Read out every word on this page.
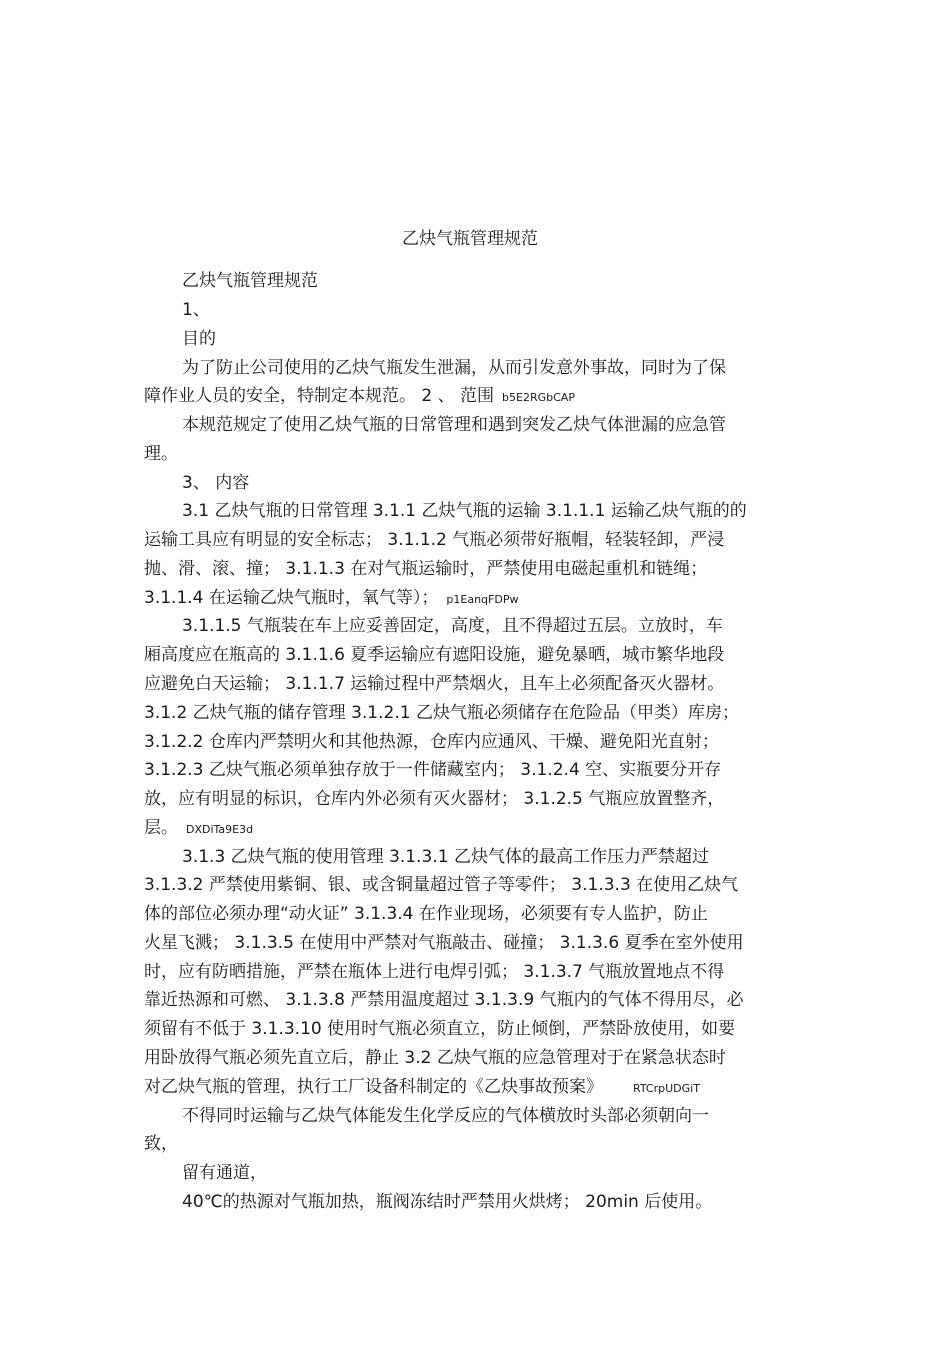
乙炔气瓶管理规范
乙炔气瓶管理规范
1、
目的
为了防止公司使用的乙炔气瓶发生泄漏，从而引发意外事故，同时为了保
障作业人员的安全，特制定本规范。 2 、 范围 b5E2RGbCAP
本规范规定了使用乙炔气瓶的日常管理和遇到突发乙炔气体泄漏的应急管
理。
3、 内容
3.1 乙炔气瓶的日常管理 3.1.1 乙炔气瓶的运输 3.1.1.1 运输乙炔气瓶的的
运输工具应有明显的安全标志； 3.1.1.2 气瓶必须带好瓶帽，轻装轻卸，严浸
抛、滑、滚、撞； 3.1.1.3 在对气瓶运输时，严禁使用电磁起重机和链绳；
3.1.1.4 在运输乙炔气瓶时，氧气等）； p1EanqFDPw
3.1.1.5 气瓶装在车上应妥善固定，高度，且不得超过五层。立放时，车
厢高度应在瓶高的 3.1.1.6 夏季运输应有遮阳设施，避免暴晒，城市繁华地段
应避免白天运输； 3.1.1.7 运输过程中严禁烟火，且车上必须配备灭火器材。
3.1.2 乙炔气瓶的储存管理 3.1.2.1 乙炔气瓶必须储存在危险品（甲类）库房；
3.1.2.2 仓库内严禁明火和其他热源，仓库内应通风、干燥、避免阳光直射；
3.1.2.3 乙炔气瓶必须单独存放于一件储藏室内； 3.1.2.4 空、实瓶要分开存
放，应有明显的标识，仓库内外必须有灭火器材； 3.1.2.5 气瓶应放置整齐，
层。 DXDiTa9E3d
3.1.3 乙炔气瓶的使用管理 3.1.3.1 乙炔气体的最高工作压力严禁超过
3.1.3.2 严禁使用紫铜、银、或含铜量超过管子等零件； 3.1.3.3 在使用乙炔气
体的部位必须办理“动火证” 3.1.3.4 在作业现场，必须要有专人监护，防止
火星飞溅； 3.1.3.5 在使用中严禁对气瓶敲击、碰撞； 3.1.3.6 夏季在室外使用
时，应有防晒措施，严禁在瓶体上进行电焊引弧； 3.1.3.7 气瓶放置地点不得
靠近热源和可燃、 3.1.3.8 严禁用温度超过 3.1.3.9 气瓶内的气体不得用尽，必
须留有不低于 3.1.3.10 使用时气瓶必须直立，防止倾倒，严禁卧放使用，如要
用卧放得气瓶必须先直立后，静止 3.2 乙炔气瓶的应急管理对于在紧急状态时
对乙炔气瓶的管理，执行工厂设备科制定的《乙炔事故预案》	RTCrpUDGiT
不得同时运输与乙炔气体能发生化学反应的气体横放时头部必须朝向一
致，
留有通道，
40℃的热源对气瓶加热，瓶阀冻结时严禁用火烘烤； 20min 后使用。
